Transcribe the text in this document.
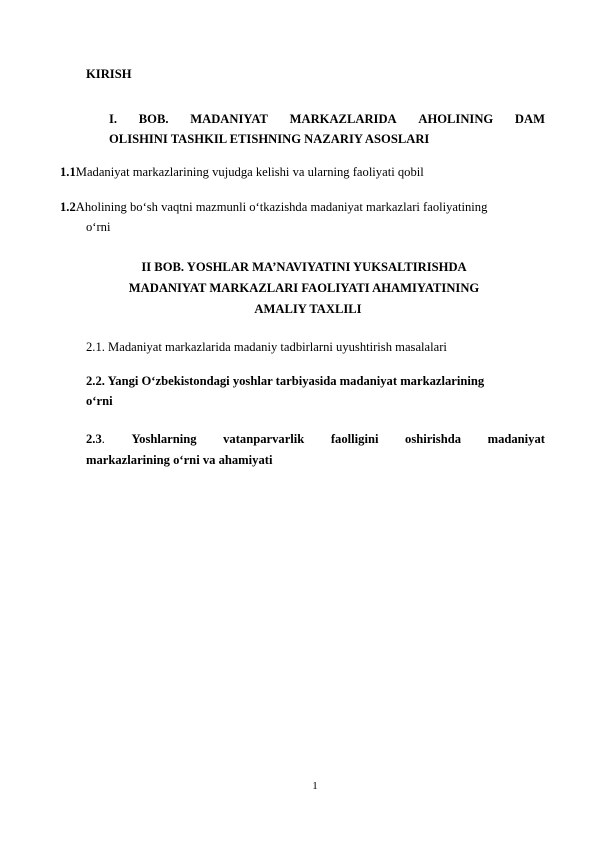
KIRISH
I. BOB. MADANIYAT MARKAZLARIDA AHOLINING DAM
OLISHINI TASHKIL ETISHNING NAZARIY ASOSLARI
1.1Madaniyat markazlarining vujudga kelishi va ularning faoliyati qobil
1.2Aholining bo‘sh vaqtni mazmunli o‘tkazishda madaniyat markazlari faoliyatining
o‘rni
II BOB. YOSHLAR MA’NAVIYATINI YUKSALTIRISHDA
MADANIYAT MARKAZLARI FAOLIYATI AHAMIYATINING
AMALIY TAXLILI
2.1. Madaniyat markazlarida madaniy tadbirlarni uyushtirish masalalari
2.2. Yangi O‘zbekistondagi yoshlar tarbiyasida madaniyat markazlarining
o‘rni
2.3. Yoshlarning vatanparvarlik faolligini oshirishda madaniyat
markazlarining o‘rni va ahamiyati
1
